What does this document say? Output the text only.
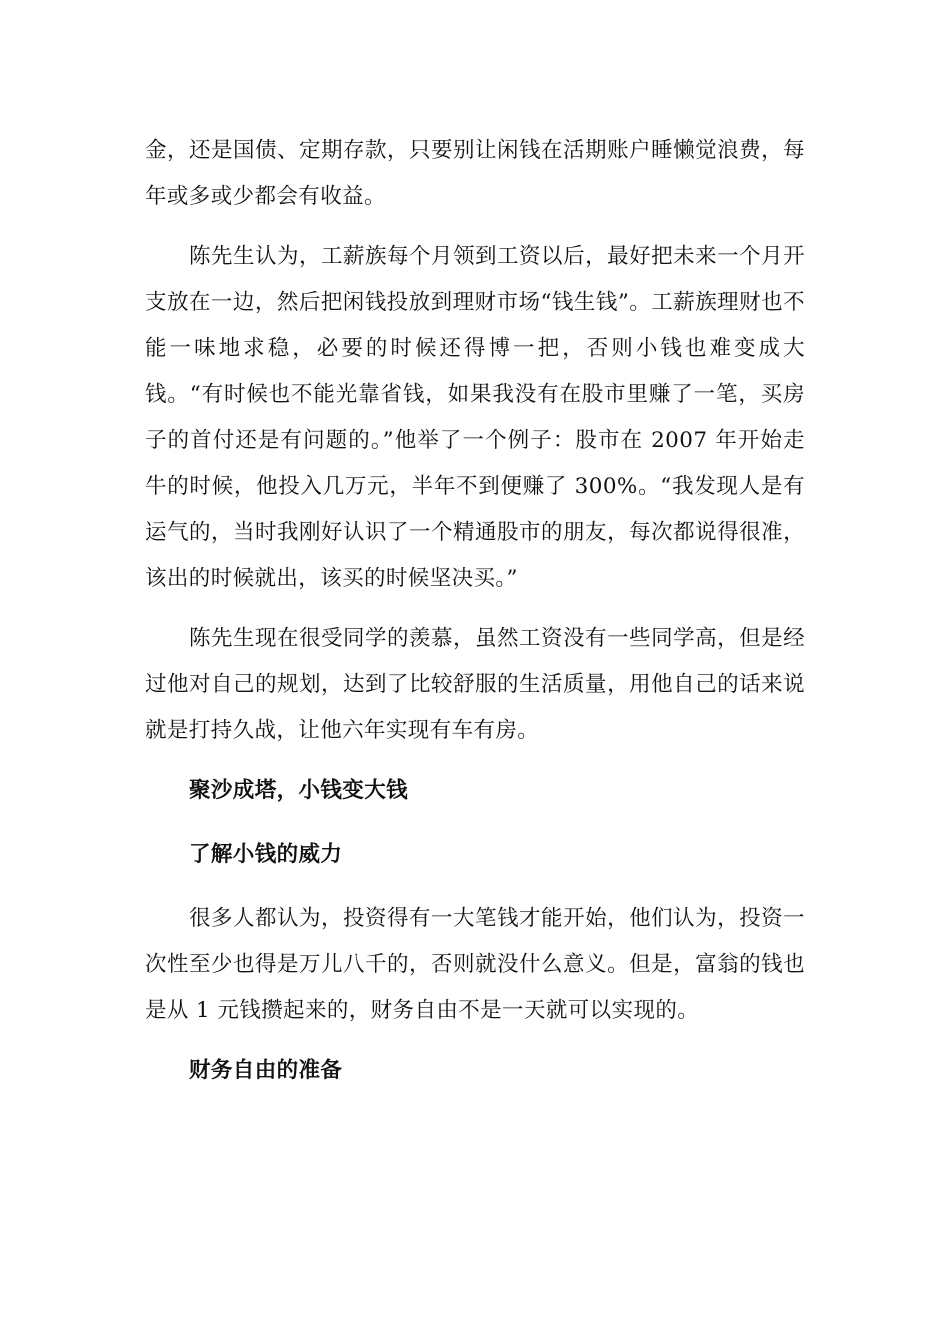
金，还是国债、定期存款，只要别让闲钱在活期账户睡懒觉浪费，每年或多或少都会有收益。

陈先生认为，工薪族每个月领到工资以后，最好把未来一个月开支放在一边，然后把闲钱投放到理财市场“钱生钱”。工薪族理财也不能一味地求稳，必要的时候还得博一把，否则小钱也难变成大钱。“有时候也不能光靠省钱，如果我没有在股市里赚了一笔，买房子的首付还是有问题的。”他举了一个例子：股市在 2007 年开始走牛的时候，他投入几万元，半年不到便赚了 300%。“我发现人是有运气的，当时我刚好认识了一个精通股市的朋友，每次都说得很准，该出的时候就出，该买的时候坚决买。”

陈先生现在很受同学的羡慕，虽然工资没有一些同学高，但是经过他对自己的规划，达到了比较舒服的生活质量，用他自己的话来说就是打持久战，让他六年实现有车有房。

聚沙成塔，小钱变大钱
了解小钱的威力

很多人都认为，投资得有一大笔钱才能开始，他们认为，投资一次性至少也得是万儿八千的，否则就没什么意义。但是，富翁的钱也是从 1 元钱攒起来的，财务自由不是一天就可以实现的。

财务自由的准备
